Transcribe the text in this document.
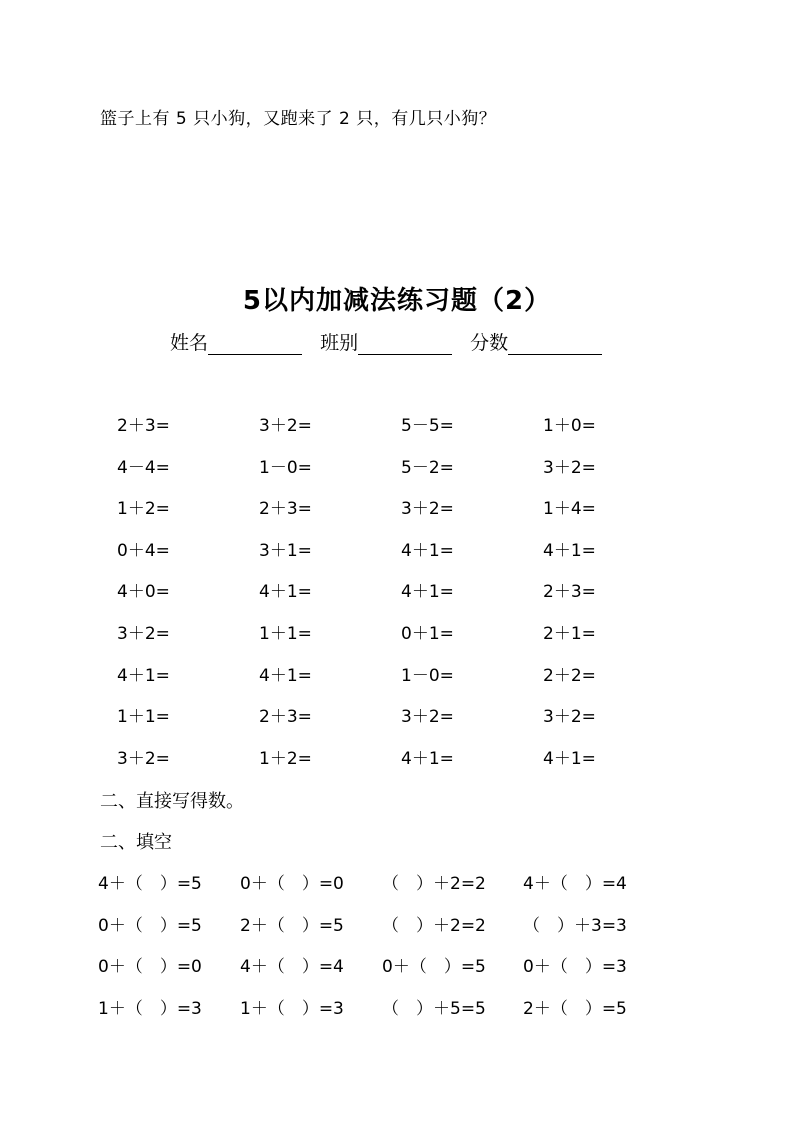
篮子上有 5 只小狗，又跑来了 2 只，有几只小狗？
5以内加减法练习题（2）
姓名	班别	分数
2＋3=	3＋2=	5－5=	1＋0=
4－4=	1－0=	5－2=	3＋2=
1＋2=	2＋3=	3＋2=	1＋4=
0＋4=	3＋1=	4＋1=	4＋1=
4＋0=	4＋1=	4＋1=	2＋3=
3＋2=	1＋1=	0＋1=	2＋1=
4＋1=	4＋1=	1－0=	2＋2=
1＋1=	2＋3=	3＋2=	3＋2=
3＋2=	1＋2=	4＋1=	4＋1=
二、直接写得数。
二、填空
4＋（　）=5 0＋（　）=0 （　）＋2=2 4＋（　）=4
0＋（　）=5 2＋（　）=5 （　）＋2=2 （　）＋3=3
0＋（　）=0 4＋（　）=4 0＋（　）=5 0＋（　）=3
1＋（　）=3 1＋（　）=3 （　）＋5=5 2＋（　）=5
